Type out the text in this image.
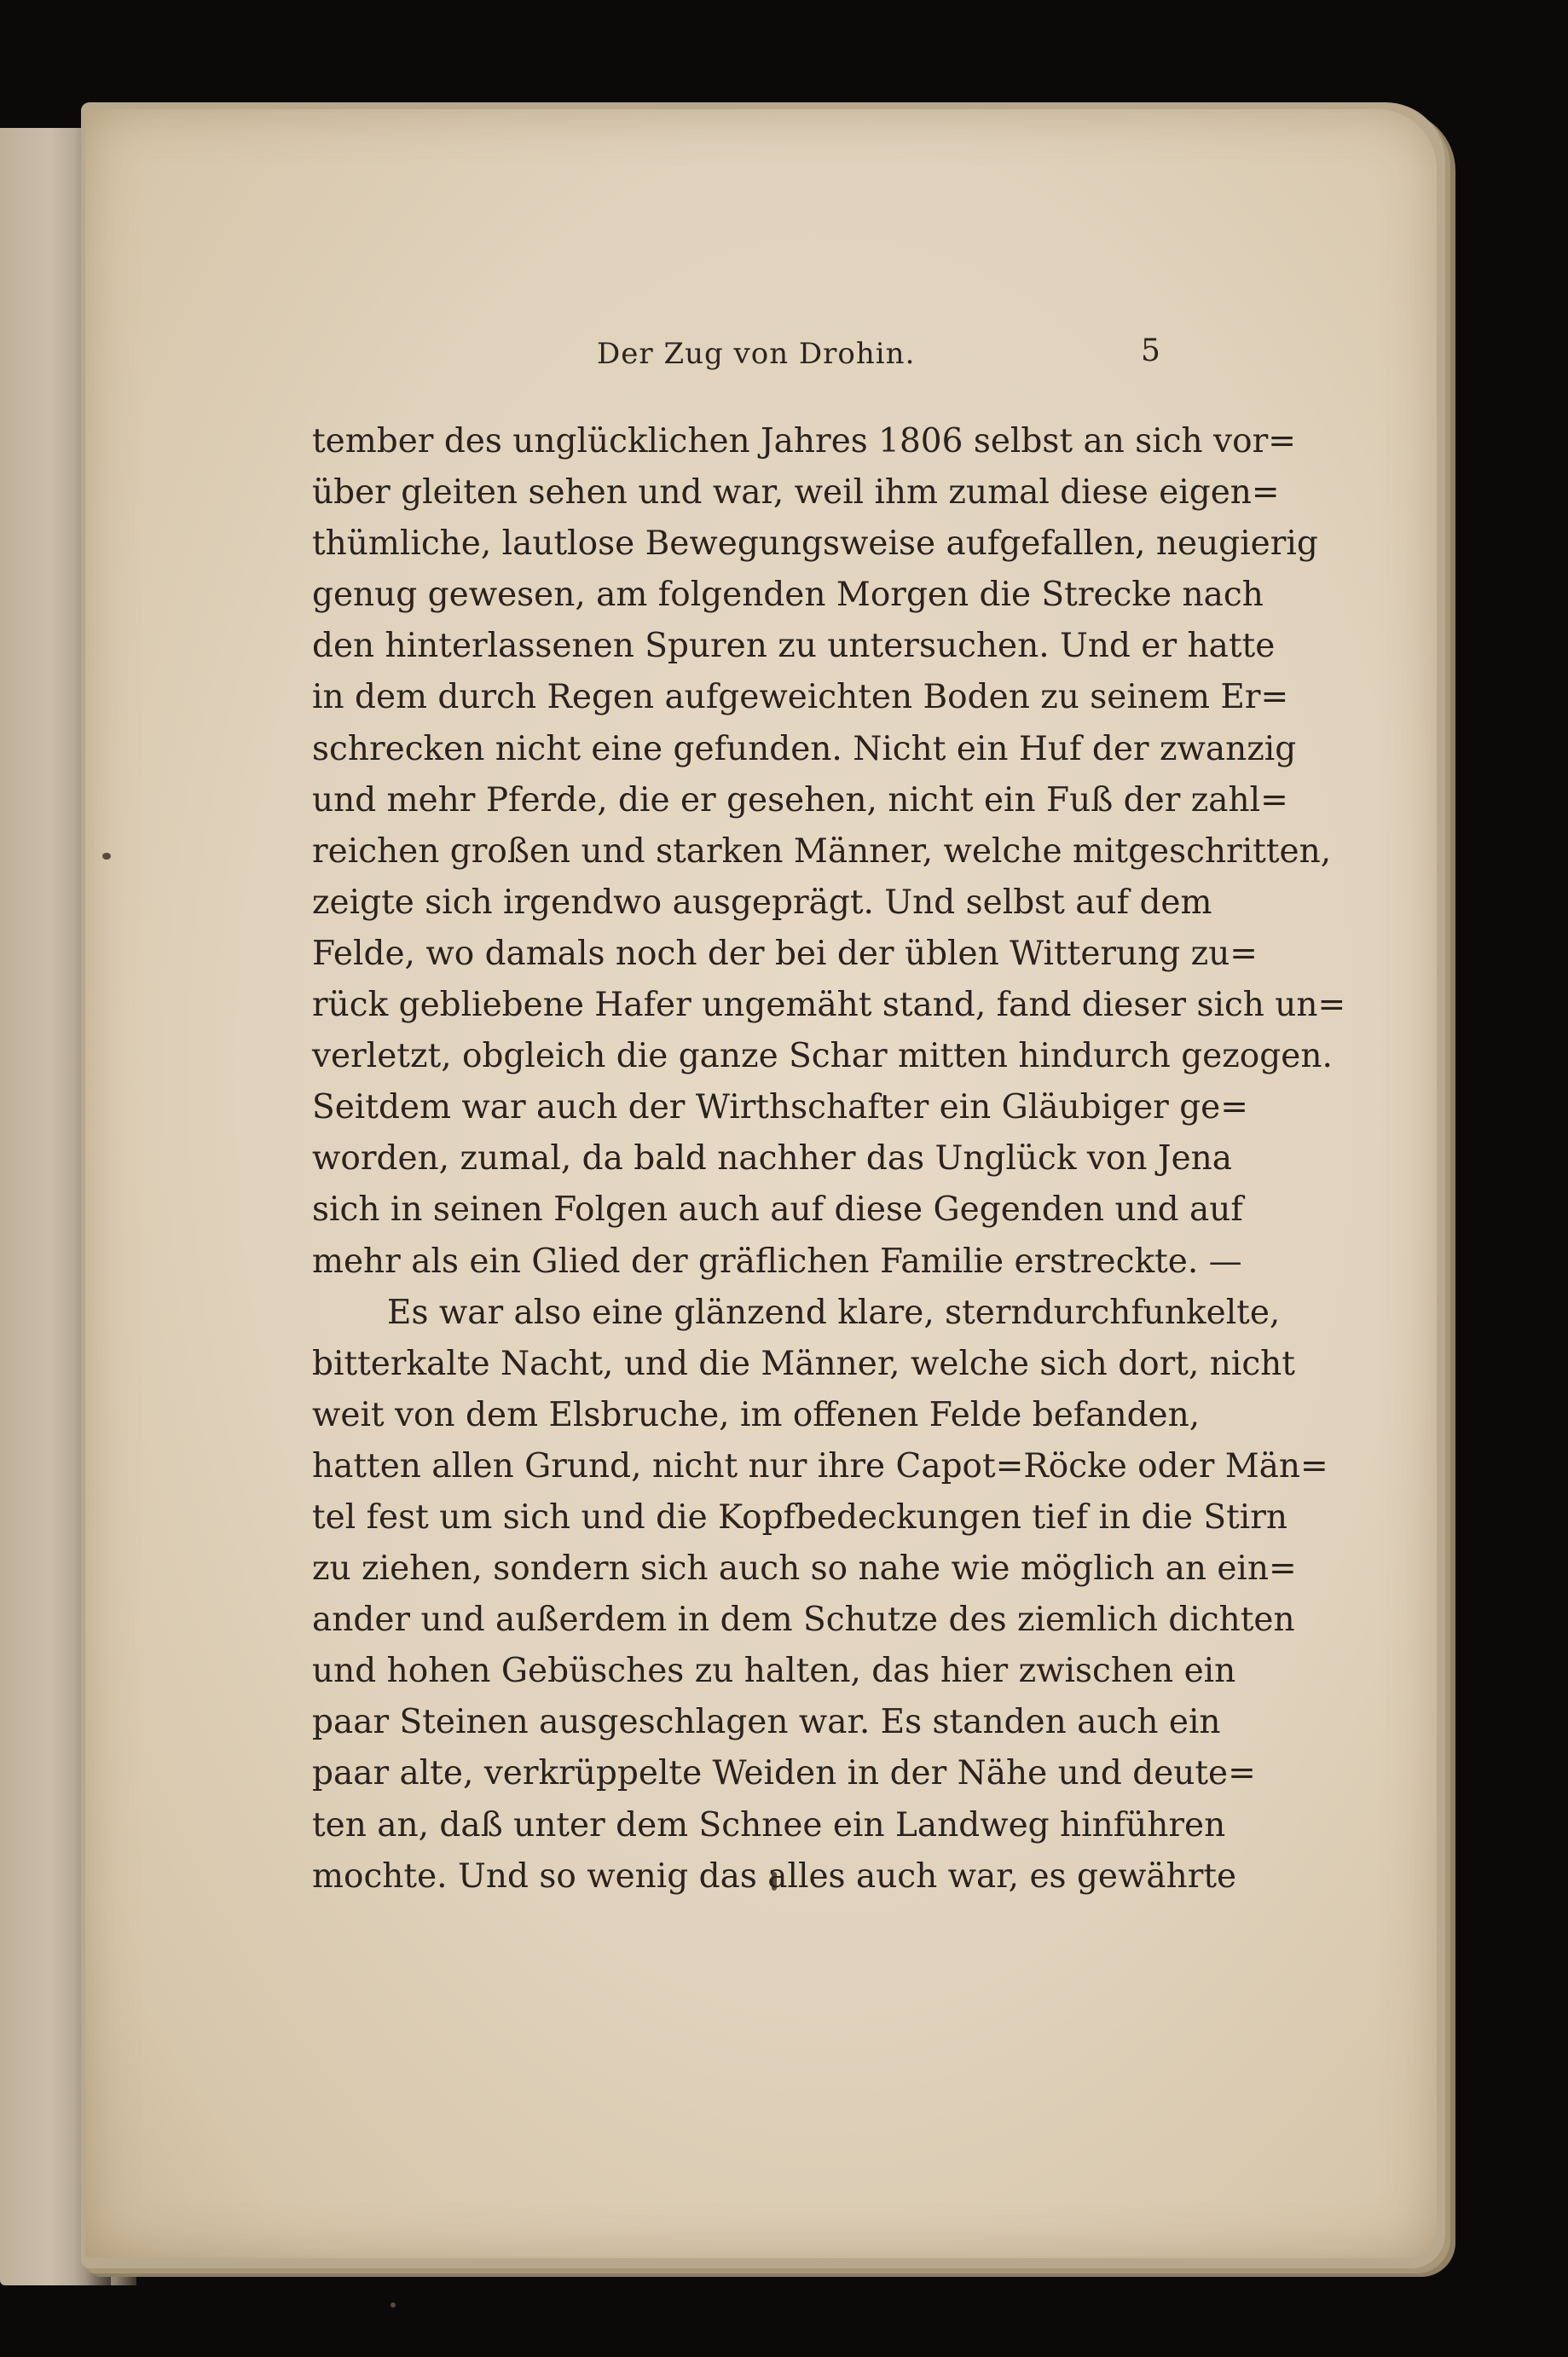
Der Zug von Drohin.	5
tember des unglücklichen Jahres 1806 selbst an sich vor=
über gleiten sehen und war, weil ihm zumal diese eigen=
thümliche, lautlose Bewegungsweise aufgefallen, neugierig
genug gewesen, am folgenden Morgen die Strecke nach
den hinterlassenen Spuren zu untersuchen. Und er hatte
in dem durch Regen aufgeweichten Boden zu seinem Er=
schrecken nicht eine gefunden. Nicht ein Huf der zwanzig
und mehr Pferde, die er gesehen, nicht ein Fuß der zahl=
reichen großen und starken Männer, welche mitgeschritten,
zeigte sich irgendwo ausgeprägt. Und selbst auf dem
Felde, wo damals noch der bei der üblen Witterung zu=
rück gebliebene Hafer ungemäht stand, fand dieser sich un=
verletzt, obgleich die ganze Schar mitten hindurch gezogen.
Seitdem war auch der Wirthschafter ein Gläubiger ge=
worden, zumal, da bald nachher das Unglück von Jena
sich in seinen Folgen auch auf diese Gegenden und auf
mehr als ein Glied der gräflichen Familie erstreckte. —
Es war also eine glänzend klare, sterndurchfunkelte,
bitterkalte Nacht, und die Männer, welche sich dort, nicht
weit von dem Elsbruche, im offenen Felde befanden,
hatten allen Grund, nicht nur ihre Capot=Röcke oder Män=
tel fest um sich und die Kopfbedeckungen tief in die Stirn
zu ziehen, sondern sich auch so nahe wie möglich an ein=
ander und außerdem in dem Schutze des ziemlich dichten
und hohen Gebüsches zu halten, das hier zwischen ein
paar Steinen ausgeschlagen war. Es standen auch ein
paar alte, verkrüppelte Weiden in der Nähe und deute=
ten an, daß unter dem Schnee ein Landweg hinführen
mochte. Und so wenig das alles auch war, es gewährte
